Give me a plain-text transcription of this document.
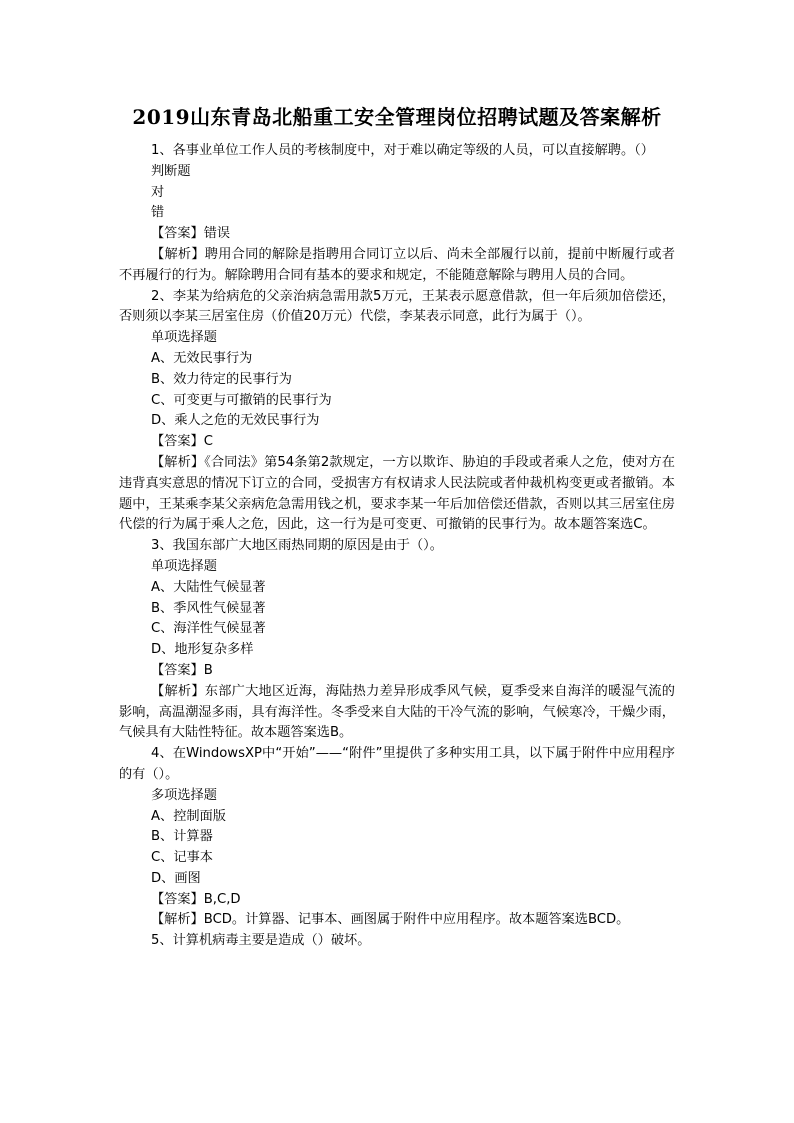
2019山东青岛北船重工安全管理岗位招聘试题及答案解析

1、各事业单位工作人员的考核制度中，对于难以确定等级的人员，可以直接解聘。（）

判断题

对

错

【答案】错误

【解析】聘用合同的解除是指聘用合同订立以后、尚未全部履行以前，提前中断履行或者不再履行的行为。解除聘用合同有基本的要求和规定，不能随意解除与聘用人员的合同。

2、李某为给病危的父亲治病急需用款5万元，王某表示愿意借款，但一年后须加倍偿还，否则须以李某三居室住房（价值20万元）代偿，李某表示同意，此行为属于（）。

单项选择题

A、无效民事行为

B、效力待定的民事行为

C、可变更与可撤销的民事行为

D、乘人之危的无效民事行为

【答案】C

【解析】《合同法》第54条第2款规定，一方以欺诈、胁迫的手段或者乘人之危，使对方在违背真实意思的情况下订立的合同，受损害方有权请求人民法院或者仲裁机构变更或者撤销。本题中，王某乘李某父亲病危急需用钱之机，要求李某一年后加倍偿还借款，否则以其三居室住房代偿的行为属于乘人之危，因此，这一行为是可变更、可撤销的民事行为。故本题答案选C。

3、我国东部广大地区雨热同期的原因是由于（）。

单项选择题

A、大陆性气候显著

B、季风性气候显著

C、海洋性气候显著

D、地形复杂多样

【答案】B

【解析】东部广大地区近海，海陆热力差异形成季风气候，夏季受来自海洋的暖湿气流的影响，高温潮湿多雨，具有海洋性。冬季受来自大陆的干冷气流的影响，气候寒冷，干燥少雨，气候具有大陆性特征。故本题答案选B。

4、在WindowsXP中“开始”——“附件”里提供了多种实用工具，以下属于附件中应用程序的有（）。

多项选择题

A、控制面版

B、计算器

C、记事本

D、画图

【答案】B,C,D

【解析】BCD。计算器、记事本、画图属于附件中应用程序。故本题答案选BCD。

5、计算机病毒主要是造成（）破坏。
